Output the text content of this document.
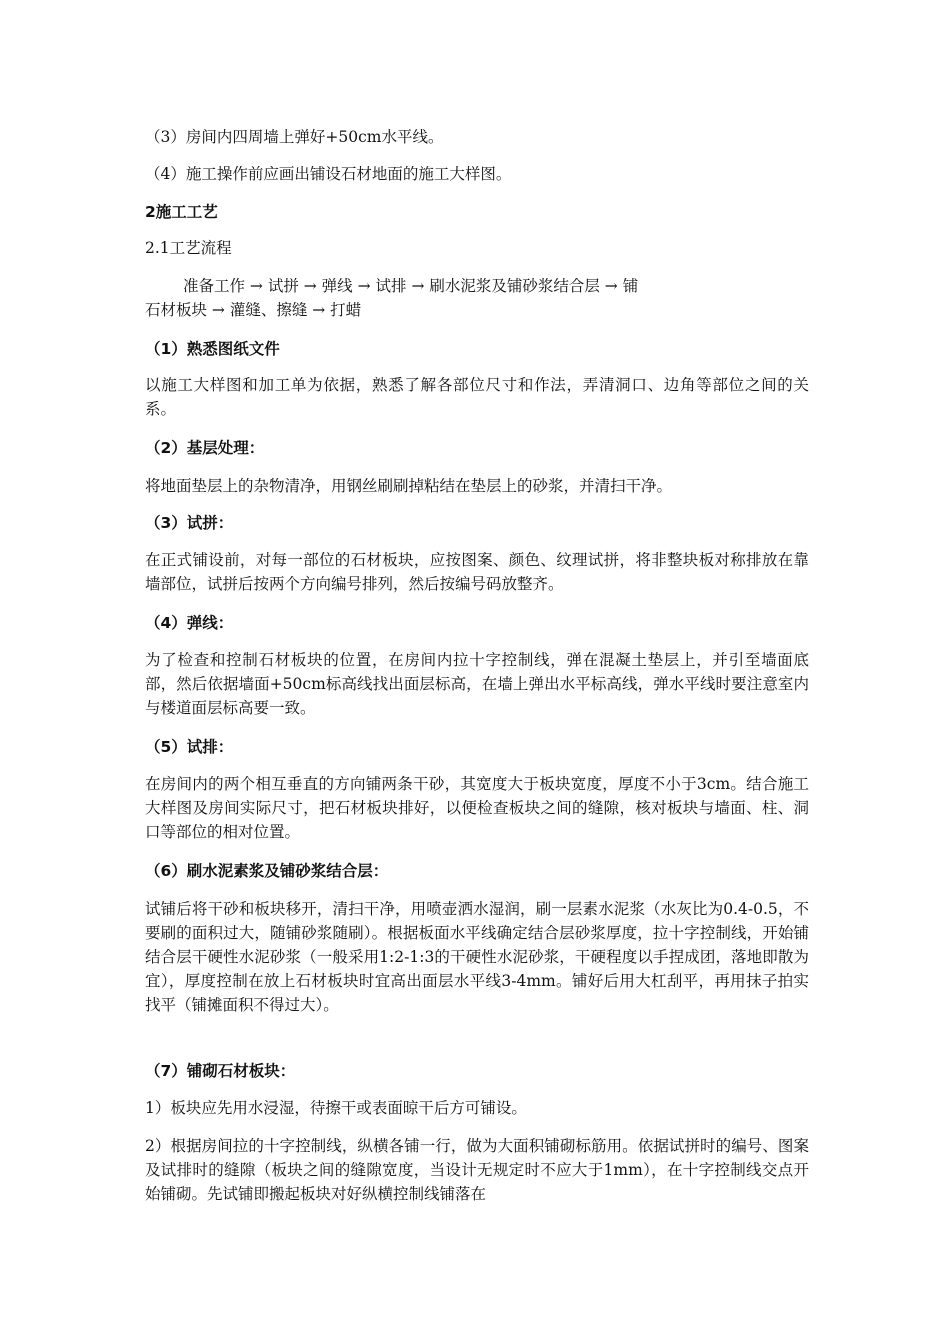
（3）房间内四周墙上弹好+50cm水平线。
（4）施工操作前应画出铺设石材地面的施工大样图。
2施工工艺
2.1工艺流程
准备工作 → 试拼 → 弹线 → 试排 → 刷水泥浆及铺砂浆结合层 → 铺
石材板块 → 灌缝、擦缝 → 打蜡
（1）熟悉图纸文件
以施工大样图和加工单为依据，熟悉了解各部位尺寸和作法，弄清洞口、边角等部位之间的关系。
（2）基层处理：
将地面垫层上的杂物清净，用钢丝刷刷掉粘结在垫层上的砂浆，并清扫干净。
（3）试拼：
在正式铺设前，对每一部位的石材板块，应按图案、颜色、纹理试拼，将非整块板对称排放在靠墙部位，试拼后按两个方向编号排列，然后按编号码放整齐。
（4）弹线：
为了检查和控制石材板块的位置，在房间内拉十字控制线，弹在混凝土垫层上，并引至墙面底部，然后依据墙面+50cm标高线找出面层标高，在墙上弹出水平标高线，弹水平线时要注意室内与楼道面层标高要一致。
（5）试排：
在房间内的两个相互垂直的方向铺两条干砂，其宽度大于板块宽度，厚度不小于3cm。结合施工大样图及房间实际尺寸，把石材板块排好，以便检查板块之间的缝隙，核对板块与墙面、柱、洞口等部位的相对位置。
（6）刷水泥素浆及铺砂浆结合层：
试铺后将干砂和板块移开，清扫干净，用喷壶洒水湿润，刷一层素水泥浆（水灰比为0.4-0.5，不要刷的面积过大，随铺砂浆随刷）。根据板面水平线确定结合层砂浆厚度，拉十字控制线，开始铺结合层干硬性水泥砂浆（一般采用1:2-1:3的干硬性水泥砂浆，干硬程度以手捏成团，落地即散为宜），厚度控制在放上石材板块时宜高出面层水平线3-4mm。铺好后用大杠刮平，再用抹子拍实找平（铺摊面积不得过大）。
（7）铺砌石材板块：
1）板块应先用水浸湿，待擦干或表面晾干后方可铺设。
2）根据房间拉的十字控制线，纵横各铺一行，做为大面积铺砌标筋用。依据试拼时的编号、图案及试排时的缝隙（板块之间的缝隙宽度，当设计无规定时不应大于1mm），在十字控制线交点开始铺砌。先试铺即搬起板块对好纵横控制线铺落在
